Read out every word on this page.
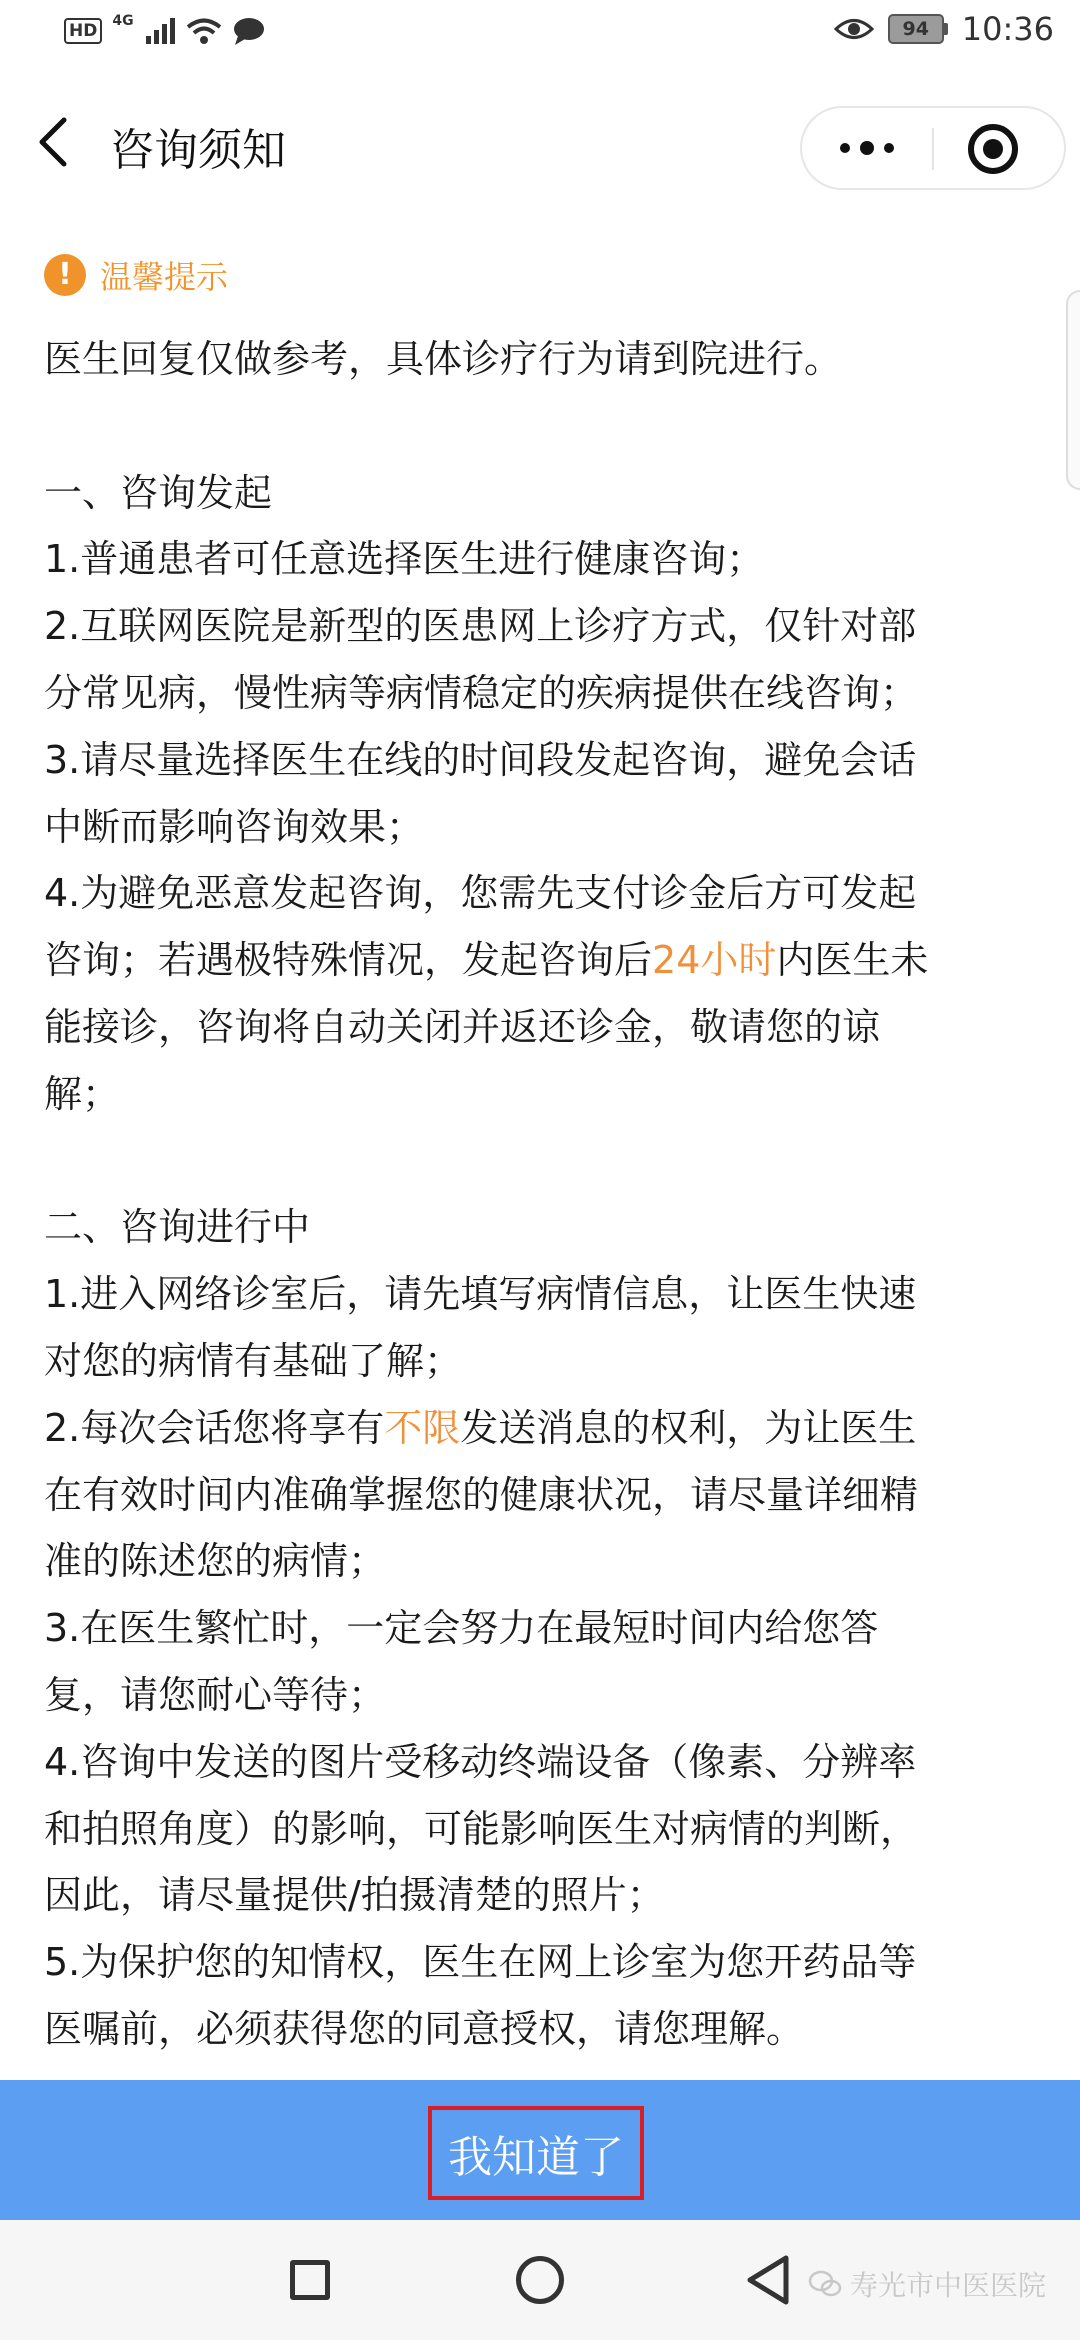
HD	4G	94	10:36
咨询须知
! 温馨提示
医生回复仅做参考，具体诊疗行为请到院进行。
一、咨询发起
1.普通患者可任意选择医生进行健康咨询；
2.互联网医院是新型的医患网上诊疗方式，仅针对部
分常见病，慢性病等病情稳定的疾病提供在线咨询；
3.请尽量选择医生在线的时间段发起咨询，避免会话
中断而影响咨询效果；
4.为避免恶意发起咨询，您需先支付诊金后方可发起
咨询；若遇极特殊情况，发起咨询后24小时内医生未
能接诊，咨询将自动关闭并返还诊金，敬请您的谅
解；
二、咨询进行中
1.进入网络诊室后，请先填写病情信息，让医生快速
对您的病情有基础了解；
2.每次会话您将享有不限发送消息的权利，为让医生
在有效时间内准确掌握您的健康状况，请尽量详细精
准的陈述您的病情；
3.在医生繁忙时，一定会努力在最短时间内给您答
复，请您耐心等待；
4.咨询中发送的图片受移动终端设备（像素、分辨率
和拍照角度）的影响，可能影响医生对病情的判断，
因此，请尽量提供/拍摄清楚的照片；
5.为保护您的知情权，医生在网上诊室为您开药品等
医嘱前，必须获得您的同意授权，请您理解。
我知道了
寿光市中医医院
